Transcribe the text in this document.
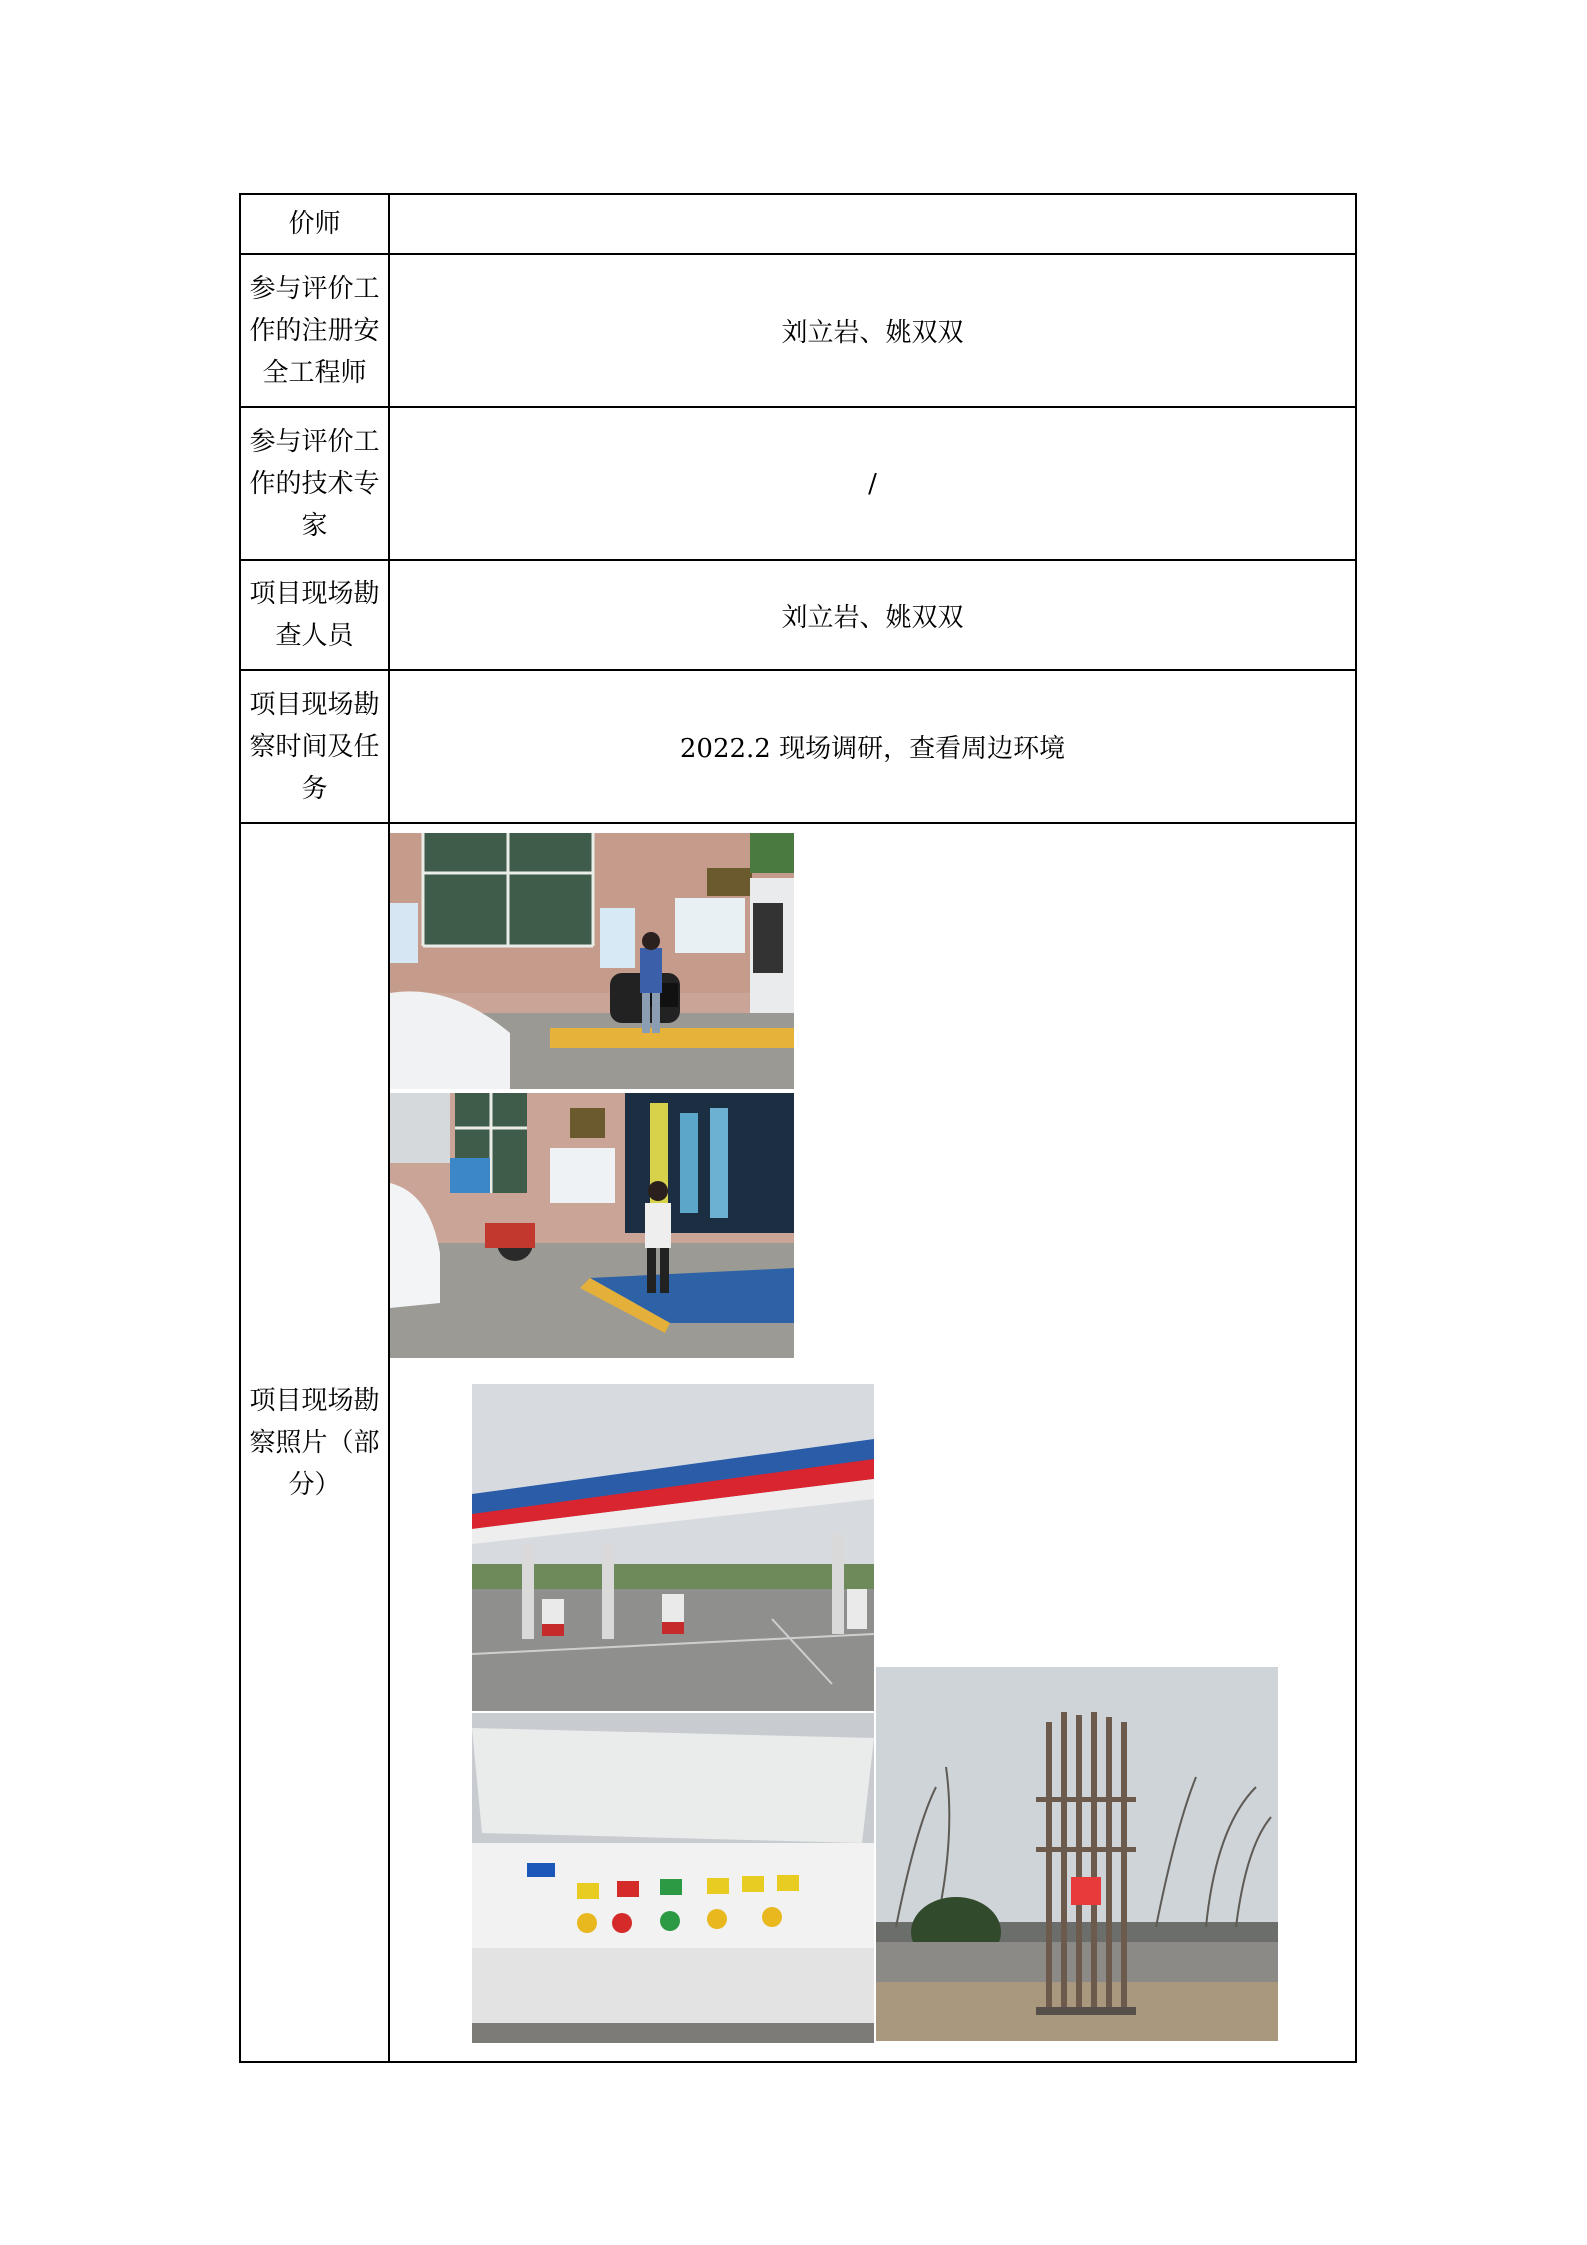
价师
参与评价工作的注册安全工程师
刘立岩、姚双双
参与评价工作的技术专家
/
项目现场勘查人员
刘立岩、姚双双
项目现场勘察时间及任务
2022.2 现场调研，查看周边环境
项目现场勘察照片（部分）
